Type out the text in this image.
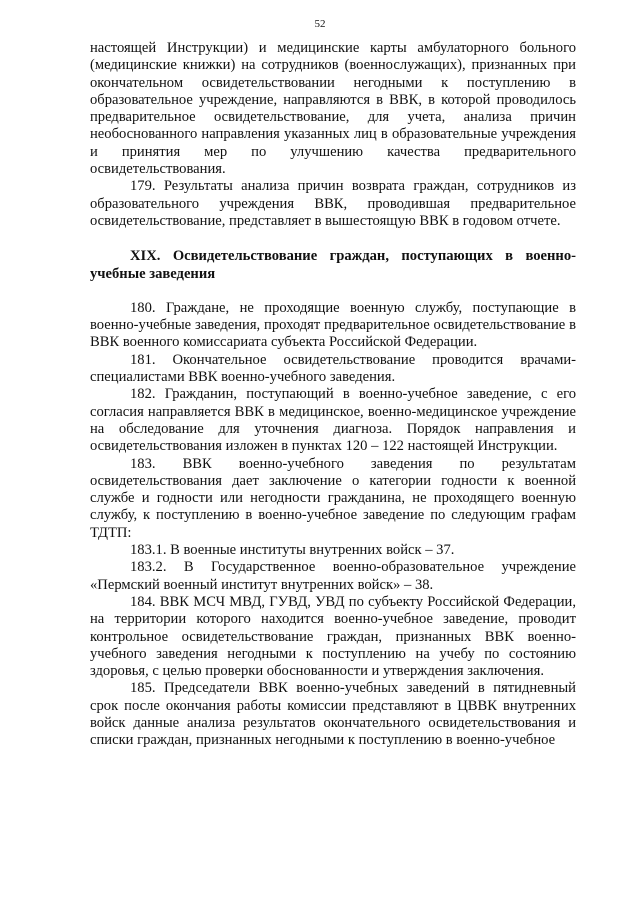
52

настоящей Инструкции) и медицинские карты амбулаторного больного (медицинские книжки) на сотрудников (военнослужащих), признанных при окончательном освидетельствовании негодными к поступлению в образовательное учреждение, направляются в ВВК, в которой проводилось предварительное освидетельствование, для учета, анализа причин необоснованного направления указанных лиц в образовательные учреждения и принятия мер по улучшению качества предварительного освидетельствования.

179. Результаты анализа причин возврата граждан, сотрудников из образовательного учреждения ВВК, проводившая предварительное освидетельствование, представляет в вышестоящую ВВК в годовом отчете.

XIX. Освидетельствование граждан, поступающих в военно-учебные заведения

180. Граждане, не проходящие военную службу, поступающие в военно-учебные заведения, проходят предварительное освидетельствование в ВВК военного комиссариата субъекта Российской Федерации.

181. Окончательное освидетельствование проводится врачами-специалистами ВВК военно-учебного заведения.

182. Гражданин, поступающий в военно-учебное заведение, с его согласия направляется ВВК в медицинское, военно-медицинское учреждение на обследование для уточнения диагноза. Порядок направления и освидетельствования изложен в пунктах 120 – 122 настоящей Инструкции.

183. ВВК военно-учебного заведения по результатам освидетельствования дает заключение о категории годности к военной службе и годности или негодности гражданина, не проходящего военную службу, к поступлению в военно-учебное заведение по следующим графам ТДТП:

183.1. В военные институты внутренних войск – 37.

183.2. В Государственное военно-образовательное учреждение «Пермский военный институт внутренних войск» – 38.

184. ВВК МСЧ МВД, ГУВД, УВД по субъекту Российской Федерации, на территории которого находится военно-учебное заведение, проводит контрольное освидетельствование граждан, признанных ВВК военно-учебного заведения негодными к поступлению на учебу по состоянию здоровья, с целью проверки обоснованности и утверждения заключения.

185. Председатели ВВК военно-учебных заведений в пятидневный срок после окончания работы комиссии представляют в ЦВВК внутренних войск данные анализа результатов окончательного освидетельствования и списки граждан, признанных негодными к поступлению в военно-учебное
